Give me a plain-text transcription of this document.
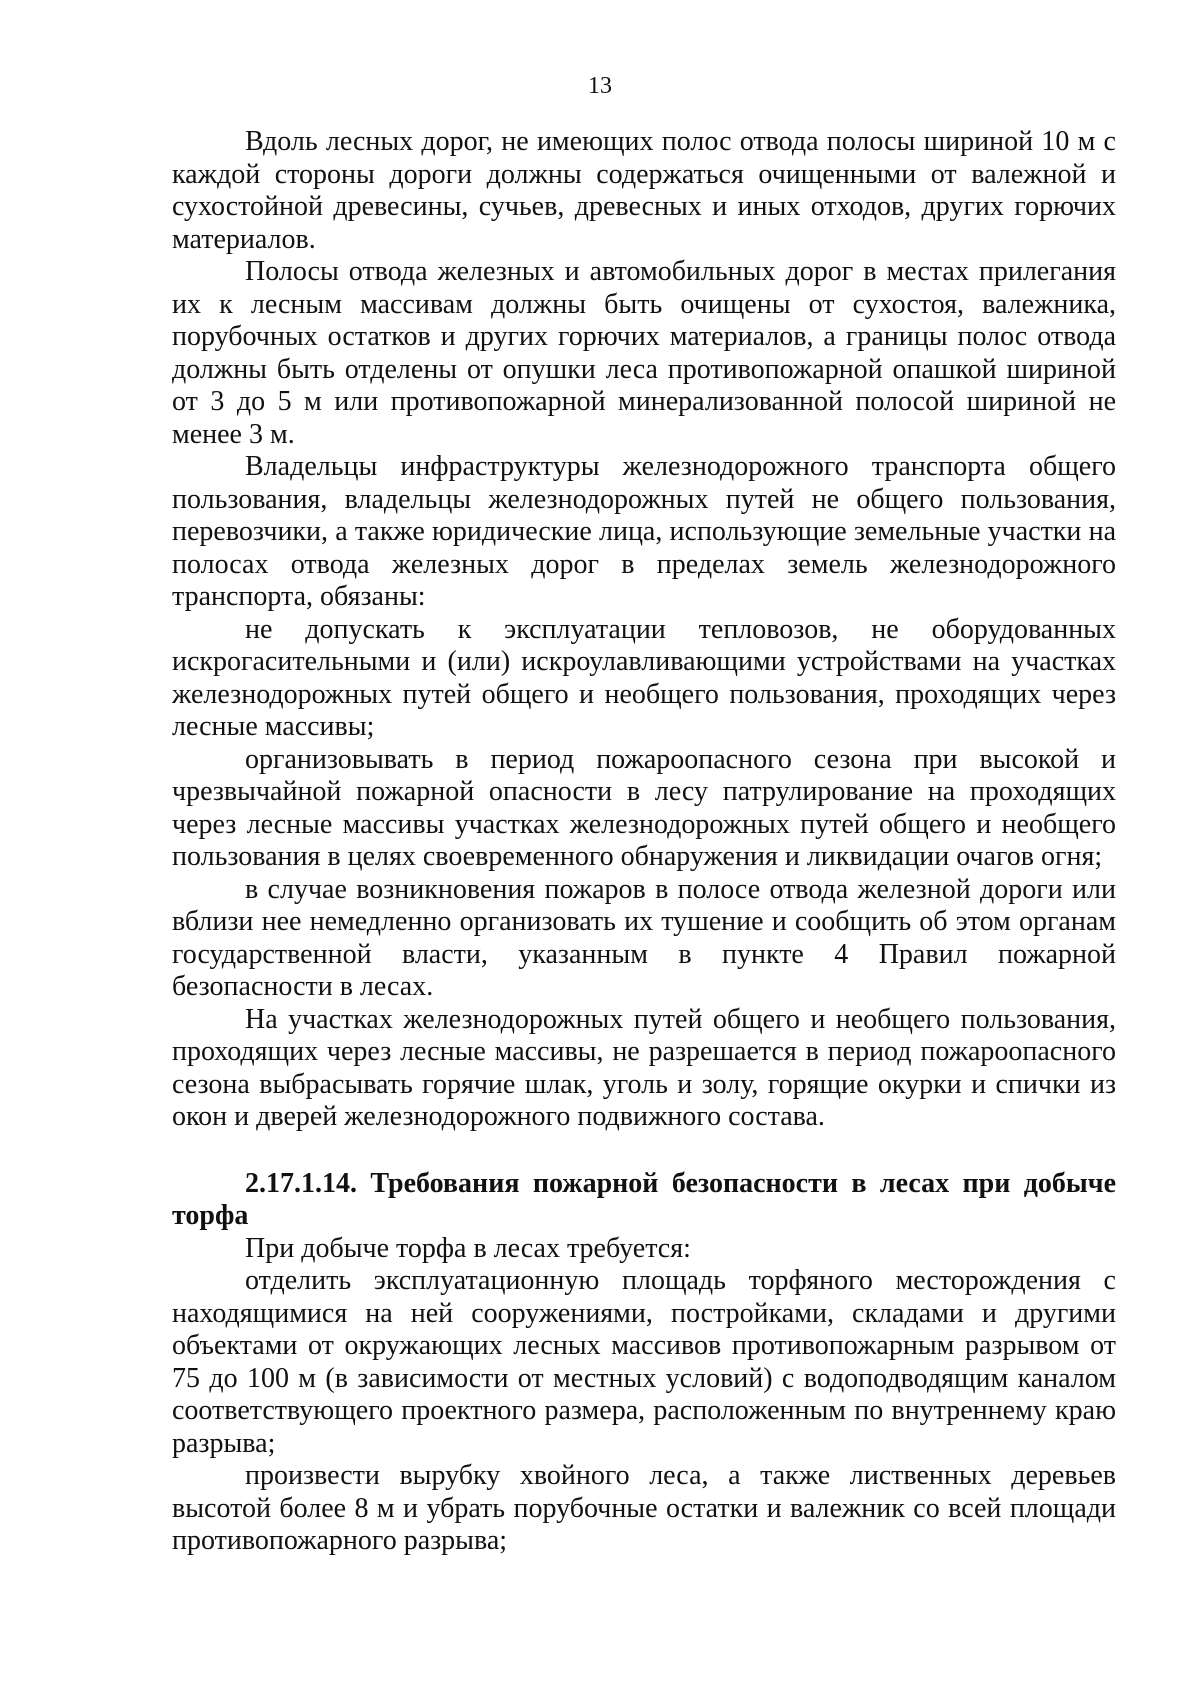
13

Вдоль лесных дорог, не имеющих полос отвода полосы шириной 10 м с каждой стороны дороги должны содержаться очищенными от валежной и сухостойной древесины, сучьев, древесных и иных отходов, других горючих материалов.

Полосы отвода железных и автомобильных дорог в местах прилегания их к лесным массивам должны быть очищены от сухостоя, валежника, порубочных остатков и других горючих материалов, а границы полос отвода должны быть отделены от опушки леса противопожарной опашкой шириной от 3 до 5 м или противопожарной минерализованной полосой шириной не менее 3 м.

Владельцы инфраструктуры железнодорожного транспорта общего пользования, владельцы железнодорожных путей не общего пользования, перевозчики, а также юридические лица, использующие земельные участки на полосах отвода железных дорог в пределах земель железнодорожного транспорта, обязаны:

не допускать к эксплуатации тепловозов, не оборудованных искрогасительными и (или) искроулавливающими устройствами на участках железнодорожных путей общего и необщего пользования, проходящих через лесные массивы;

организовывать в период пожароопасного сезона при высокой и чрезвычайной пожарной опасности в лесу патрулирование на проходящих через лесные массивы участках железнодорожных путей общего и необщего пользования в целях своевременного обнаружения и ликвидации очагов огня;

в случае возникновения пожаров в полосе отвода железной дороги или вблизи нее немедленно организовать их тушение и сообщить об этом органам государственной власти, указанным в пункте 4 Правил пожарной безопасности в лесах.

На участках железнодорожных путей общего и необщего пользования, проходящих через лесные массивы, не разрешается в период пожароопасного сезона выбрасывать горячие шлак, уголь и золу, горящие окурки и спички из окон и дверей железнодорожного подвижного состава.

2.17.1.14. Требования пожарной безопасности в лесах при добыче торфа

При добыче торфа в лесах требуется:

отделить эксплуатационную площадь торфяного месторождения с находящимися на ней сооружениями, постройками, складами и другими объектами от окружающих лесных массивов противопожарным разрывом от 75 до 100 м (в зависимости от местных условий) с водоподводящим каналом соответствующего проектного размера, расположенным по внутреннему краю разрыва;

произвести вырубку хвойного леса, а также лиственных деревьев высотой более 8 м и убрать порубочные остатки и валежник со всей площади противопожарного разрыва;
